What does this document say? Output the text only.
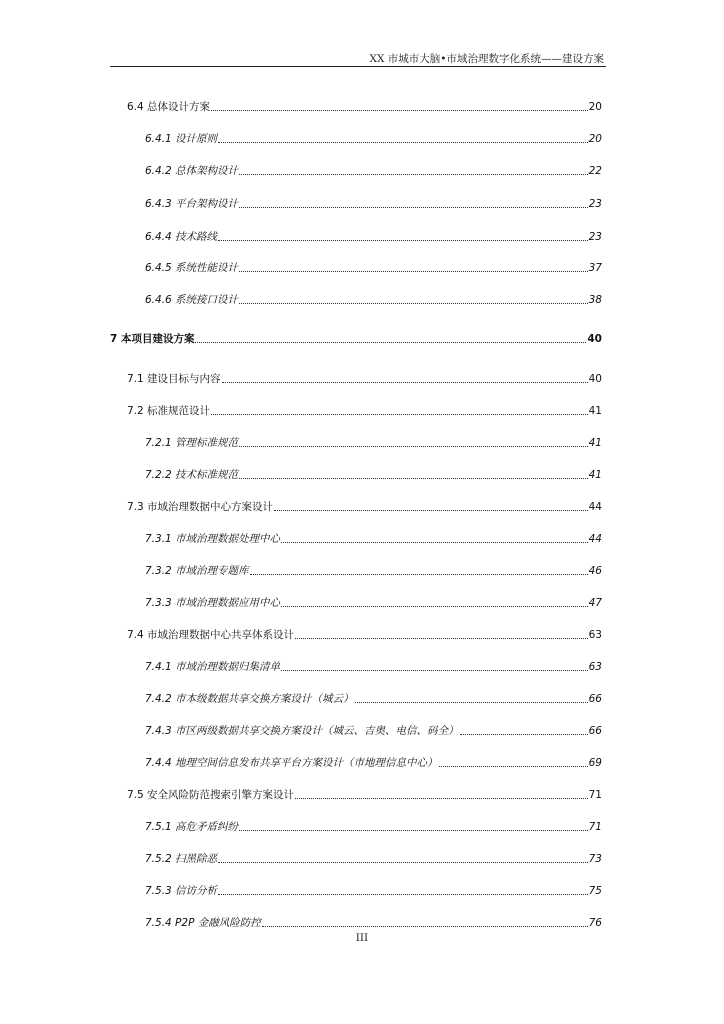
XX 市城市大脑•市域治理数字化系统——建设方案
6.4 总体设计方案	20
6.4.1 设计原则	20
6.4.2 总体架构设计	22
6.4.3 平台架构设计	23
6.4.4 技术路线	23
6.4.5 系统性能设计	37
6.4.6 系统接口设计	38
7 本项目建设方案	40
7.1 建设目标与内容	40
7.2 标准规范设计	41
7.2.1 管理标准规范	41
7.2.2 技术标准规范	41
7.3 市域治理数据中心方案设计	44
7.3.1 市域治理数据处理中心	44
7.3.2 市域治理专题库	46
7.3.3 市域治理数据应用中心	47
7.4 市域治理数据中心共享体系设计	63
7.4.1 市域治理数据归集清单	63
7.4.2 市本级数据共享交换方案设计（城云）	66
7.4.3 市区两级数据共享交换方案设计（城云、吉奥、电信、码全）	66
7.4.4 地理空间信息发布共享平台方案设计（市地理信息中心）	69
7.5 安全风险防范搜索引擎方案设计	71
7.5.1 高危矛盾纠纷	71
7.5.2 扫黑除恶	73
7.5.3 信访分析	75
7.5.4 P2P 金融风险防控	76
III
